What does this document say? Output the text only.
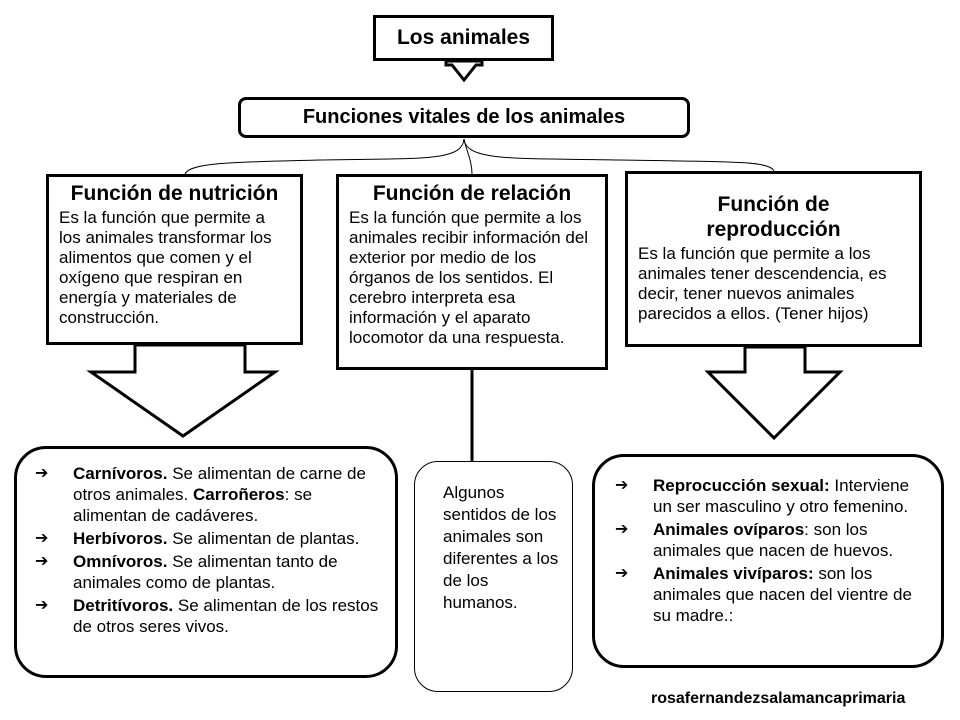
Los animales
Funciones vitales de los animales
Función de nutrición
Es la función que permite a los animales transformar los alimentos que comen y el oxígeno que respiran en energía y materiales de construcción.
Función de relación
Es la función que permite a los animales recibir información del exterior por medio de los órganos de los sentidos. El cerebro interpreta esa información y el aparato locomotor da una respuesta.
Función de reproducción
Es la función que permite a los animales tener descendencia, es decir, tener nuevos animales parecidos a ellos. (Tener hijos)
➔ Carnívoros. Se alimentan de carne de otros animales. Carroñeros: se alimentan de cadáveres.
➔ Herbívoros. Se alimentan de plantas.
➔ Omnívoros. Se alimentan tanto de animales como de plantas.
➔ Detritívoros. Se alimentan de los restos de otros seres vivos.
Algunos sentidos de los animales son diferentes a los de los humanos.
➔ Reprocucción sexual: Interviene un ser masculino y otro femenino.
➔ Animales ovíparos: son los animales que nacen de huevos.
➔ Animales vivíparos: son los animales que nacen del vientre de su madre.:
rosafernandezsalamancaprimaria
